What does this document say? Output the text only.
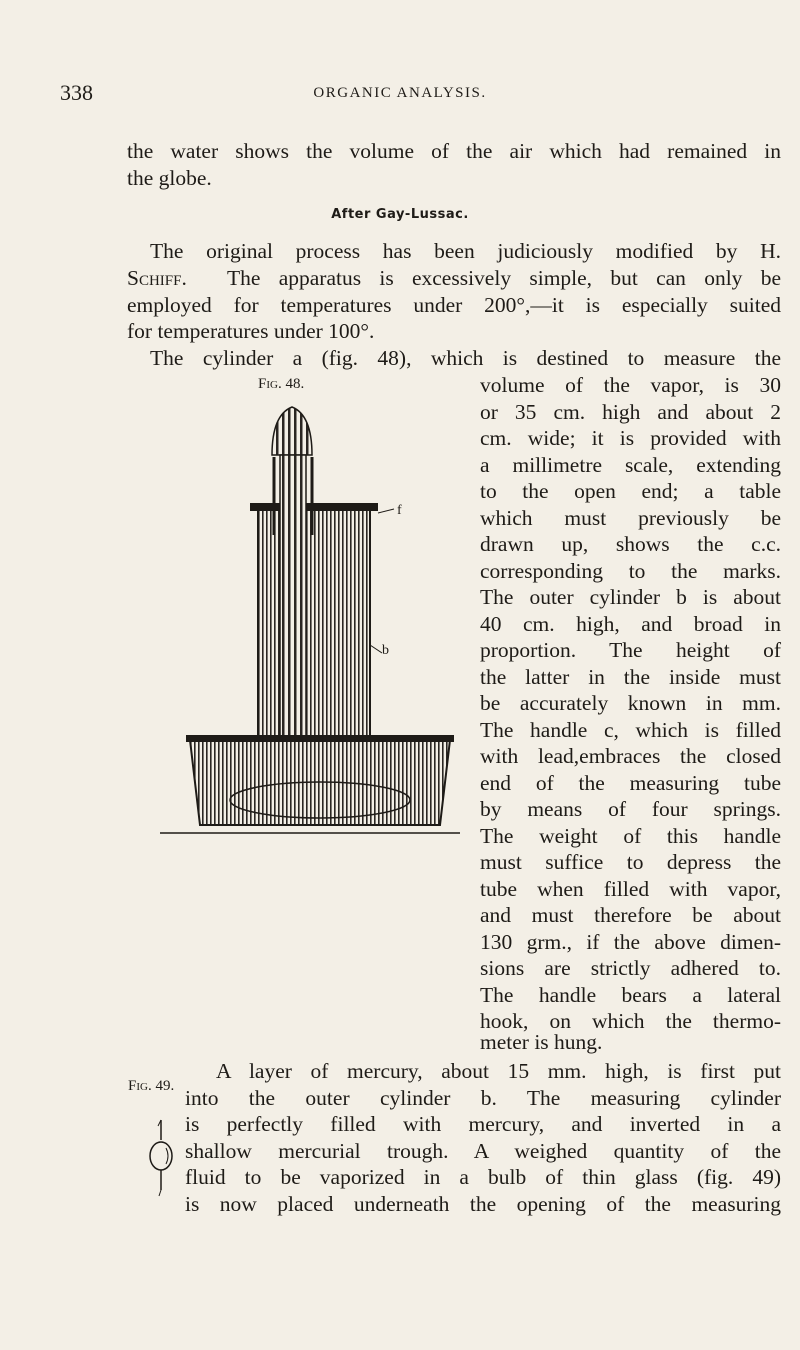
338	ORGANIC ANALYSIS.
the water shows the volume of the air which had remained in
the globe.
After Gay-Lussac.
The original process has been judiciously modified by H.
Schiff. The apparatus is excessively simple, but can only be
employed for temperatures under 200°,—it is especially suited
for temperatures under 100°.
The cylinder a (fig. 48), which is destined to measure the
volume of the vapor, is 30
or 35 cm. high and about 2
cm. wide; it is provided with
a millimetre scale, extending
to the open end; a table
which must previously be
drawn up, shows the c.c.
corresponding to the marks.
The outer cylinder b is about
40 cm. high, and broad in
proportion. The height of
the latter in the inside must
be accurately known in mm.
The handle c, which is filled
with lead,embraces the closed
end of the measuring tube
by means of four springs.
The weight of this handle
must suffice to depress the
tube when filled with vapor,
and must therefore be about
130 grm., if the above dimen-
sions are strictly adhered to.
The handle bears a lateral
hook, on which the thermo-
meter is hung.
Fig. 48.
f
b
Fig. 49.
A layer of mercury, about 15 mm. high, is first put
into the outer cylinder b. The measuring cylinder
is perfectly filled with mercury, and inverted in a
shallow mercurial trough. A weighed quantity of the
fluid to be vaporized in a bulb of thin glass (fig. 49)
is now placed underneath the opening of the measuring
